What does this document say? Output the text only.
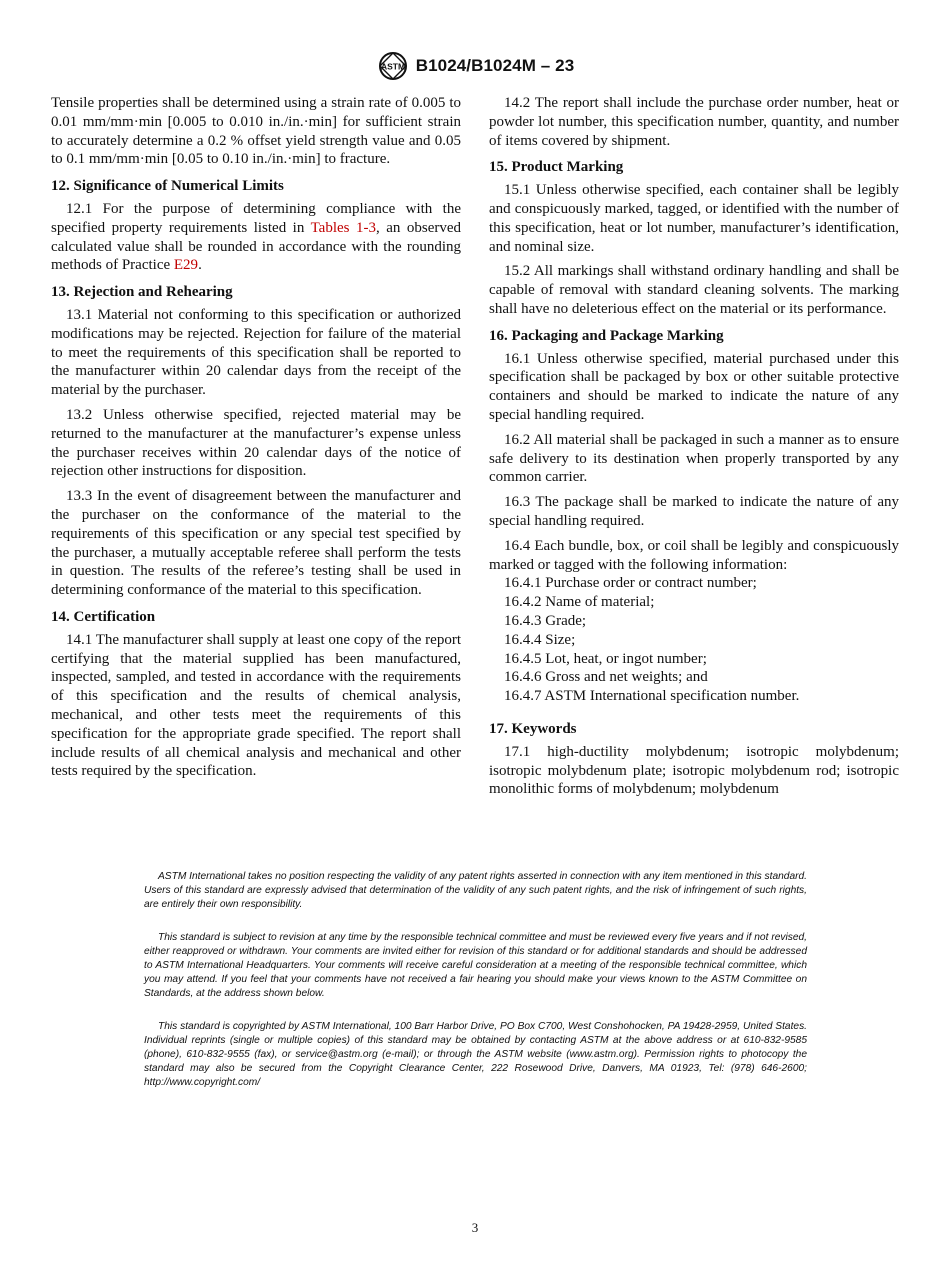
ASTM B1024/B1024M – 23

Tensile properties shall be determined using a strain rate of 0.005 to 0.01 mm/mm·min [0.005 to 0.010 in./in.·min] for sufficient strain to accurately determine a 0.2 % offset yield strength value and 0.05 to 0.1 mm/mm·min [0.05 to 0.10 in./in.·min] to fracture.

12. Significance of Numerical Limits

12.1 For the purpose of determining compliance with the specified property requirements listed in Tables 1-3, an observed calculated value shall be rounded in accordance with the rounding methods of Practice E29.

13. Rejection and Rehearing

13.1 Material not conforming to this specification or authorized modifications may be rejected. Rejection for failure of the material to meet the requirements of this specification shall be reported to the manufacturer within 20 calendar days from the receipt of the material by the purchaser.

13.2 Unless otherwise specified, rejected material may be returned to the manufacturer at the manufacturer’s expense unless the purchaser receives within 20 calendar days of the notice of rejection other instructions for disposition.

13.3 In the event of disagreement between the manufacturer and the purchaser on the conformance of the material to the requirements of this specification or any special test specified by the purchaser, a mutually acceptable referee shall perform the tests in question. The results of the referee’s testing shall be used in determining conformance of the material to this specification.

14. Certification

14.1 The manufacturer shall supply at least one copy of the report certifying that the material supplied has been manufactured, inspected, sampled, and tested in accordance with the requirements of this specification and the results of chemical analysis, mechanical, and other tests meet the requirements of this specification for the appropriate grade specified. The report shall include results of all chemical analysis and mechanical and other tests required by the specification.

14.2 The report shall include the purchase order number, heat or powder lot number, this specification number, quantity, and number of items covered by shipment.

15. Product Marking

15.1 Unless otherwise specified, each container shall be legibly and conspicuously marked, tagged, or identified with the number of this specification, heat or lot number, manufacturer’s identification, and nominal size.

15.2 All markings shall withstand ordinary handling and shall be capable of removal with standard cleaning solvents. The marking shall have no deleterious effect on the material or its performance.

16. Packaging and Package Marking

16.1 Unless otherwise specified, material purchased under this specification shall be packaged by box or other suitable protective containers and should be marked to indicate the nature of any special handling required.

16.2 All material shall be packaged in such a manner as to ensure safe delivery to its destination when properly transported by any common carrier.

16.3 The package shall be marked to indicate the nature of any special handling required.

16.4 Each bundle, box, or coil shall be legibly and conspicuously marked or tagged with the following information:

16.4.1 Purchase order or contract number;
16.4.2 Name of material;
16.4.3 Grade;
16.4.4 Size;
16.4.5 Lot, heat, or ingot number;
16.4.6 Gross and net weights; and
16.4.7 ASTM International specification number.
17. Keywords

17.1 high-ductility molybdenum; isotropic molybdenum; isotropic molybdenum plate; isotropic molybdenum rod; isotropic monolithic forms of molybdenum; molybdenum

ASTM International takes no position respecting the validity of any patent rights asserted in connection with any item mentioned in this standard. Users of this standard are expressly advised that determination of the validity of any such patent rights, and the risk of infringement of such rights, are entirely their own responsibility.

This standard is subject to revision at any time by the responsible technical committee and must be reviewed every five years and if not revised, either reapproved or withdrawn. Your comments are invited either for revision of this standard or for additional standards and should be addressed to ASTM International Headquarters. Your comments will receive careful consideration at a meeting of the responsible technical committee, which you may attend. If you feel that your comments have not received a fair hearing you should make your views known to the ASTM Committee on Standards, at the address shown below.

This standard is copyrighted by ASTM International, 100 Barr Harbor Drive, PO Box C700, West Conshohocken, PA 19428-2959, United States. Individual reprints (single or multiple copies) of this standard may be obtained by contacting ASTM at the above address or at 610-832-9585 (phone), 610-832-9555 (fax), or service@astm.org (e-mail); or through the ASTM website (www.astm.org). Permission rights to photocopy the standard may also be secured from the Copyright Clearance Center, 222 Rosewood Drive, Danvers, MA 01923, Tel: (978) 646-2600; http://www.copyright.com/

3
